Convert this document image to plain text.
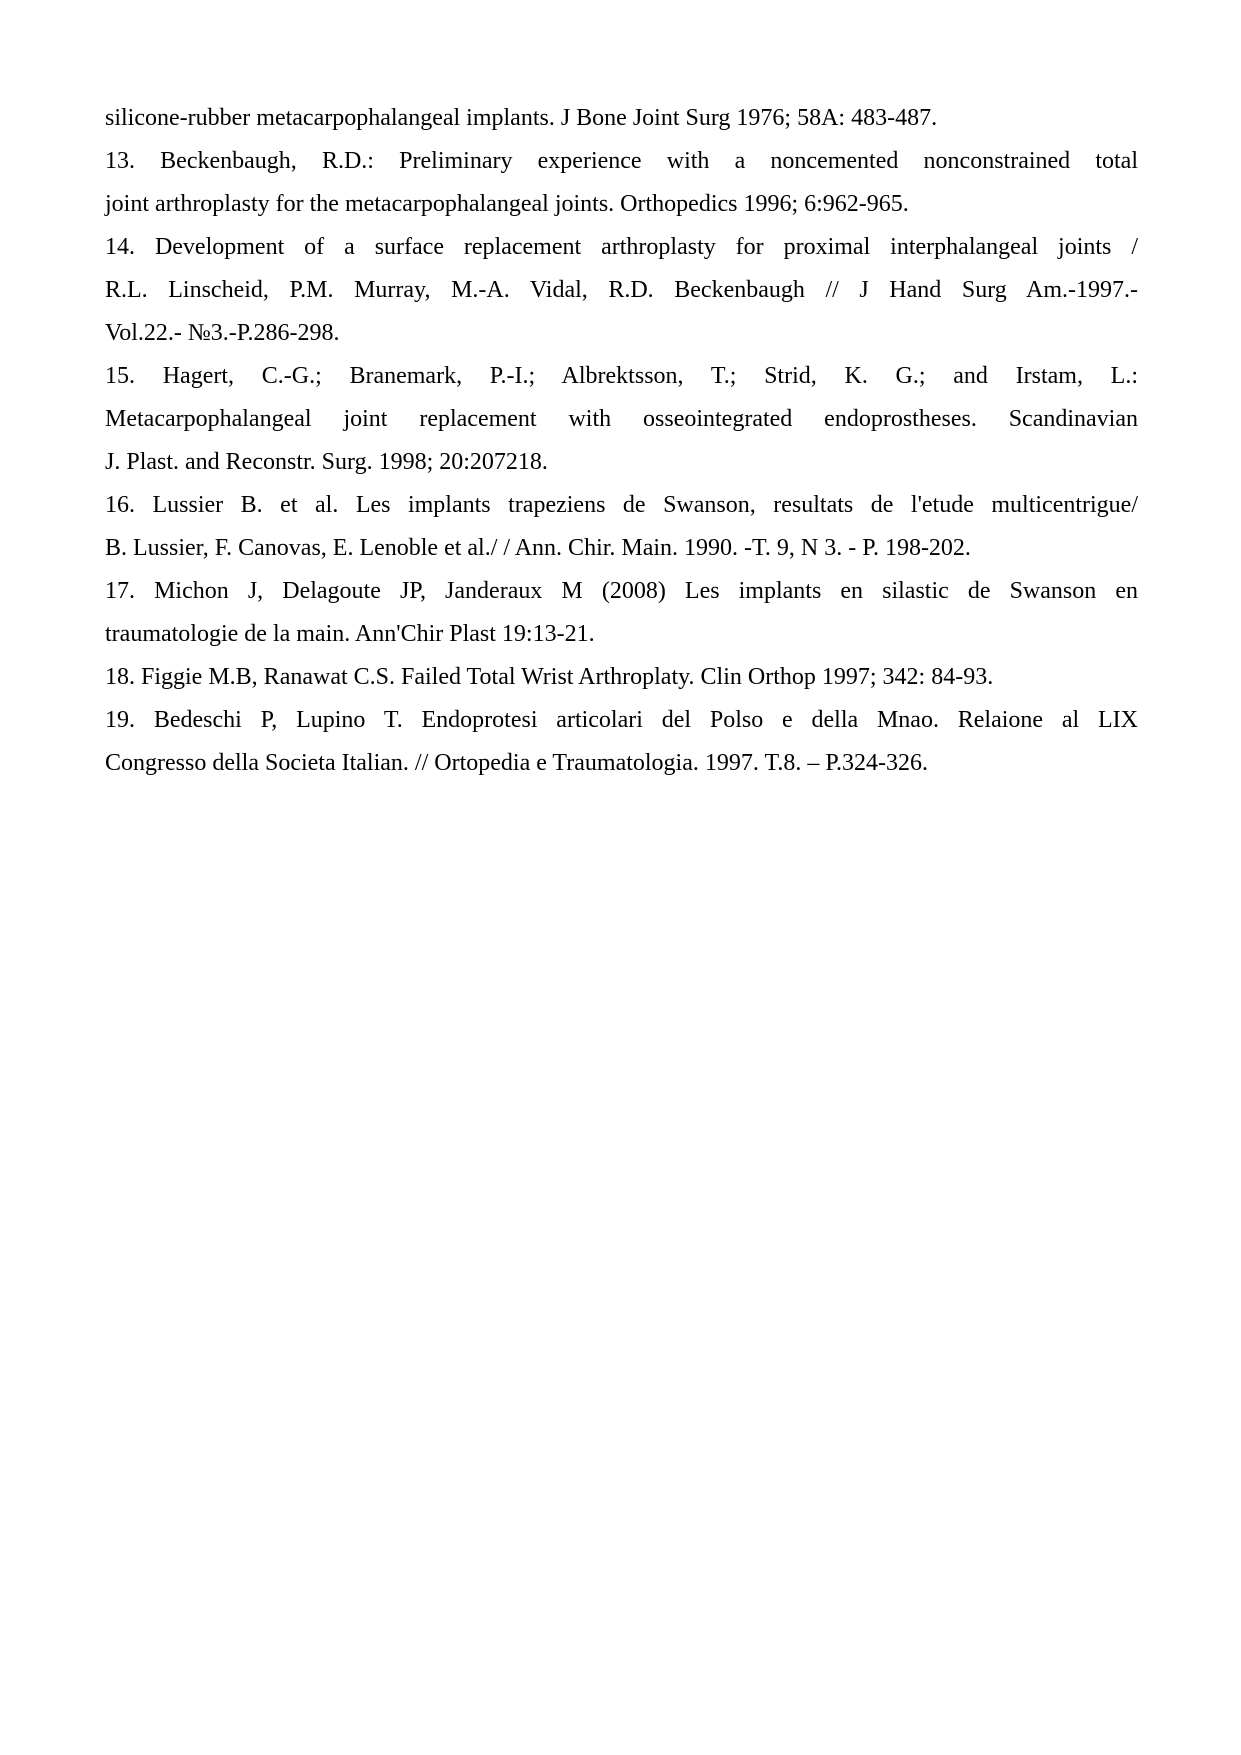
silicone-rubber metacarpophalangeal implants. J Bone Joint Surg 1976; 58A: 483-487.
13. Beckenbaugh, R.D.: Preliminary experience with a noncemented nonconstrained total
joint arthroplasty for the metacarpophalangeal joints. Orthopedics 1996; 6:962-965.
14. Development of a surface replacement arthroplasty for proximal interphalangeal joints /
R.L. Linscheid, P.M. Murray, M.-A. Vidal, R.D. Beckenbaugh // J Hand Surg Am.-1997.-
Vol.22.- №3.-P.286-298.
15. Hagert, C.-G.; Branemark, P.-I.; Albrektsson, T.; Strid, K. G.; and Irstam, L.:
Metacarpophalangeal joint replacement with osseointegrated endoprostheses. Scandinavian
J. Plast. and Reconstr. Surg. 1998; 20:207218.
16. Lussier B. et al. Les implants trapeziens de Swanson, resultats de l'etude multicentrigue/
B. Lussier, F. Canovas, E. Lenoble et al./ / Ann. Chir. Main. 1990. -T. 9, N 3. - P. 198-202.
17. Michon J, Delagoute JP, Janderaux M (2008) Les implants en silastic de Swanson en
traumatologie de la main. Ann'Chir Plast 19:13-21.
18. Figgie M.B, Ranawat C.S. Failed Total Wrist Arthroplaty. Clin Orthop 1997; 342: 84-93.
19. Bedeschi P, Lupino T. Endoprotesi articolari del Polso e della Mnao. Relaione al LIX
Congresso della Societa Italian. // Ortopedia e Traumatologia. 1997. T.8. – P.324-326.
